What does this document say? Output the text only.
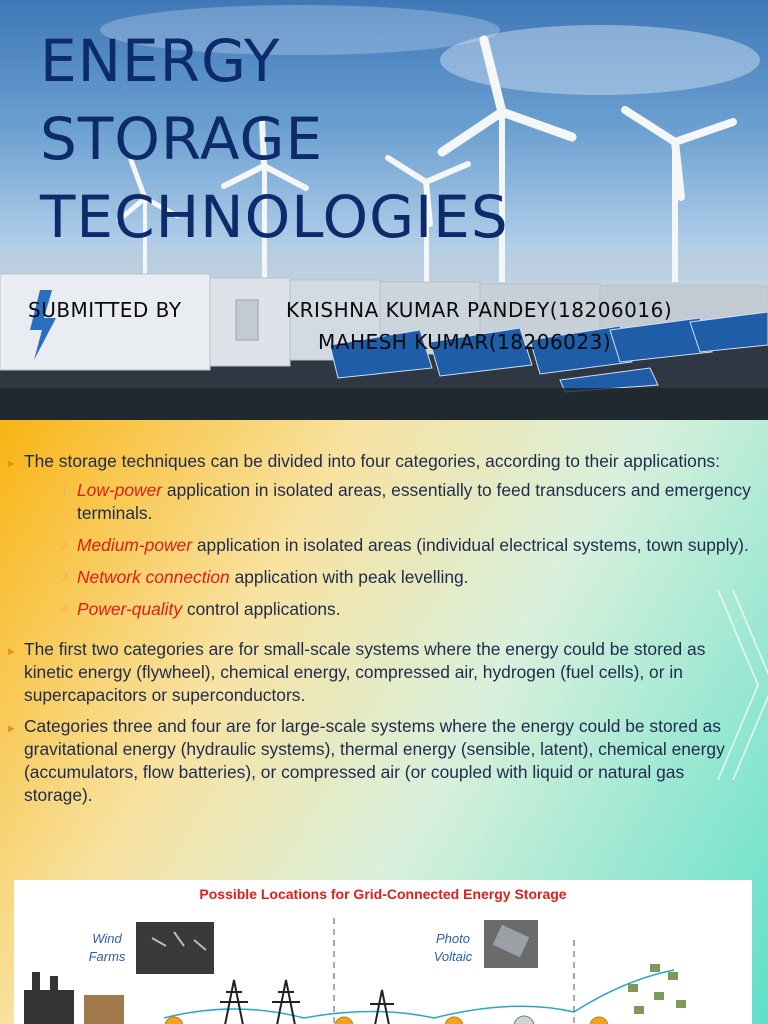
ENERGY
STORAGE
TECHNOLOGIES
SUBMITTED BY	KRISHNA KUMAR PANDEY(18206016)
MAHESH KUMAR(18206023)
► The storage techniques can be divided into four categories, according to their applications:
1. Low-power application in isolated areas, essentially to feed transducers and emergency terminals.
2. Medium-power application in isolated areas (individual electrical systems, town supply).
3. Network connection application with peak levelling.
4. Power-quality control applications.
► The first two categories are for small-scale systems where the energy could be stored as kinetic energy (flywheel), chemical energy, compressed air, hydrogen (fuel cells), or in supercapacitors or superconductors.
► Categories three and four are for large-scale systems where the energy could be stored as gravitational energy (hydraulic systems), thermal energy (sensible, latent), chemical energy (accumulators, flow batteries), or compressed air (or coupled with liquid or natural gas storage).
Possible Locations for Grid-Connected Energy Storage
Wind
Farms
Photo
Voltaic
